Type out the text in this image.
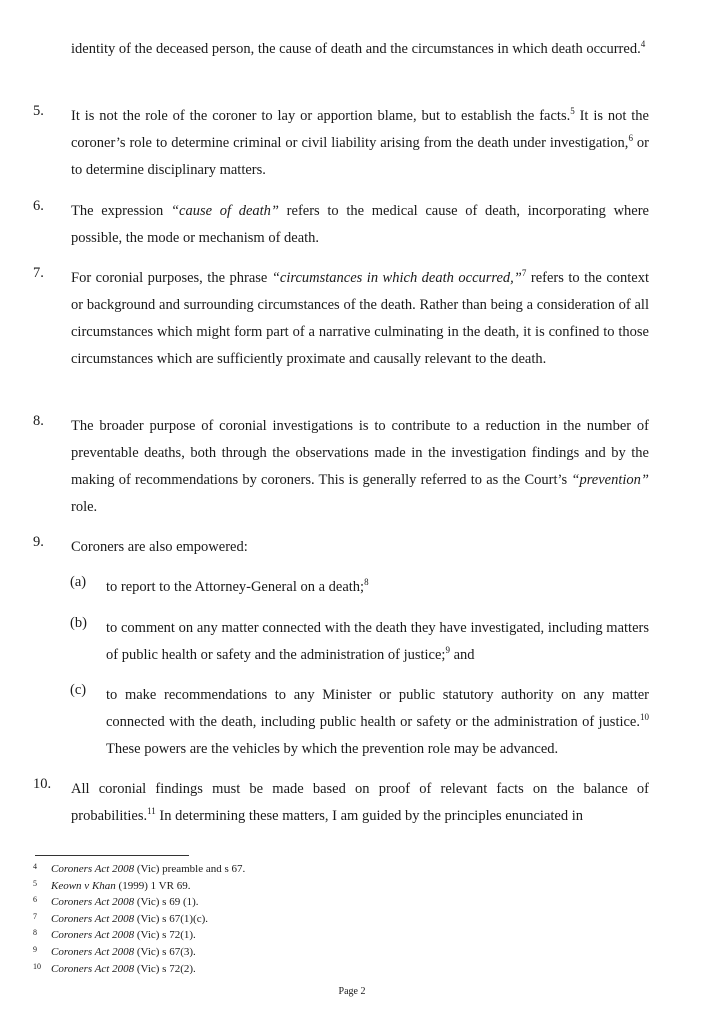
identity of the deceased person, the cause of death and the circumstances in which death occurred.$^4$
5. It is not the role of the coroner to lay or apportion blame, but to establish the facts.$^5$ It is not the coroner’s role to determine criminal or civil liability arising from the death under investigation,$^6$ or to determine disciplinary matters.
6. The expression “cause of death” refers to the medical cause of death, incorporating where possible, the mode or mechanism of death.
7. For coronial purposes, the phrase “circumstances in which death occurred,”$^7$ refers to the context or background and surrounding circumstances of the death. Rather than being a consideration of all circumstances which might form part of a narrative culminating in the death, it is confined to those circumstances which are sufficiently proximate and causally relevant to the death.
8. The broader purpose of coronial investigations is to contribute to a reduction in the number of preventable deaths, both through the observations made in the investigation findings and by the making of recommendations by coroners. This is generally referred to as the Court’s “prevention” role.
9. Coroners are also empowered:
(a) to report to the Attorney-General on a death;$^8$
(b) to comment on any matter connected with the death they have investigated, including matters of public health or safety and the administration of justice;$^9$ and
(c) to make recommendations to any Minister or public statutory authority on any matter connected with the death, including public health or safety or the administration of justice.$^{10}$ These powers are the vehicles by which the prevention role may be advanced.
10. All coronial findings must be made based on proof of relevant facts on the balance of probabilities.$^{11}$ In determining these matters, I am guided by the principles enunciated in
4 Coroners Act 2008 (Vic) preamble and s 67.
5 Keown v Khan (1999) 1 VR 69.
6 Coroners Act 2008 (Vic) s 69 (1).
7 Coroners Act 2008 (Vic) s 67(1)(c).
8 Coroners Act 2008 (Vic) s 72(1).
9 Coroners Act 2008 (Vic) s 67(3).
10 Coroners Act 2008 (Vic) s 72(2).
Page 2
